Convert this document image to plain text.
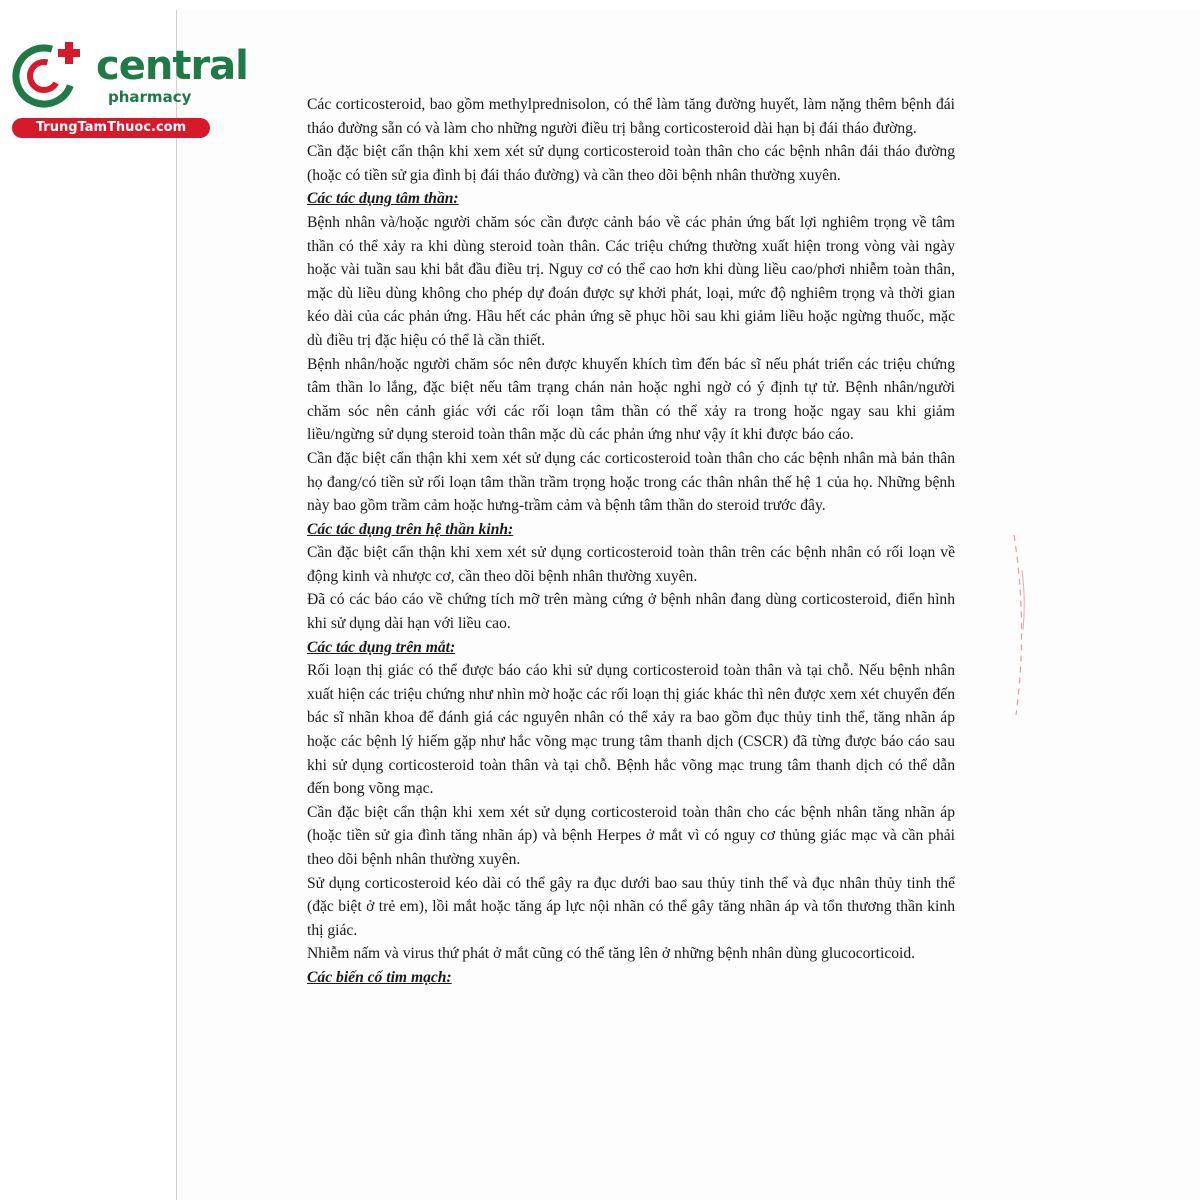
central
pharmacy
TrungTamThuoc.com

Các corticosteroid, bao gồm methylprednisolon, có thể làm tăng đường huyết, làm nặng thêm bệnh đái tháo đường sẵn có và làm cho những người điều trị bằng corticosteroid dài hạn bị đái tháo đường.

Cần đặc biệt cẩn thận khi xem xét sử dụng corticosteroid toàn thân cho các bệnh nhân đái tháo đường (hoặc có tiền sử gia đình bị đái tháo đường) và cần theo dõi bệnh nhân thường xuyên.

Các tác dụng tâm thần:

Bệnh nhân và/hoặc người chăm sóc cần được cảnh báo về các phản ứng bất lợi nghiêm trọng về tâm thần có thể xảy ra khi dùng steroid toàn thân. Các triệu chứng thường xuất hiện trong vòng vài ngày hoặc vài tuần sau khi bắt đầu điều trị. Nguy cơ có thể cao hơn khi dùng liều cao/phơi nhiễm toàn thân, mặc dù liều dùng không cho phép dự đoán được sự khởi phát, loại, mức độ nghiêm trọng và thời gian kéo dài của các phản ứng. Hầu hết các phản ứng sẽ phục hồi sau khi giảm liều hoặc ngừng thuốc, mặc dù điều trị đặc hiệu có thể là cần thiết.

Bệnh nhân/hoặc người chăm sóc nên được khuyến khích tìm đến bác sĩ nếu phát triển các triệu chứng tâm thần lo lắng, đặc biệt nếu tâm trạng chán nản hoặc nghi ngờ có ý định tự tử. Bệnh nhân/người chăm sóc nên cảnh giác với các rối loạn tâm thần có thể xảy ra trong hoặc ngay sau khi giảm liều/ngừng sử dụng steroid toàn thân mặc dù các phản ứng như vậy ít khi được báo cáo.

Cần đặc biệt cẩn thận khi xem xét sử dụng các corticosteroid toàn thân cho các bệnh nhân mà bản thân họ đang/có tiền sử rối loạn tâm thần trầm trọng hoặc trong các thân nhân thế hệ 1 của họ. Những bệnh này bao gồm trầm cảm hoặc hưng-trầm cảm và bệnh tâm thần do steroid trước đây.

Các tác dụng trên hệ thần kinh:

Cần đặc biệt cẩn thận khi xem xét sử dụng corticosteroid toàn thân trên các bệnh nhân có rối loạn về động kinh và nhược cơ, cần theo dõi bệnh nhân thường xuyên.

Đã có các báo cáo về chứng tích mỡ trên màng cứng ở bệnh nhân đang dùng corticosteroid, điển hình khi sử dụng dài hạn với liều cao.

Các tác dụng trên mắt:

Rối loạn thị giác có thể được báo cáo khi sử dụng corticosteroid toàn thân và tại chỗ. Nếu bệnh nhân xuất hiện các triệu chứng như nhìn mờ hoặc các rối loạn thị giác khác thì nên được xem xét chuyển đến bác sĩ nhãn khoa để đánh giá các nguyên nhân có thể xảy ra bao gồm đục thủy tinh thể, tăng nhãn áp hoặc các bệnh lý hiếm gặp như hắc võng mạc trung tâm thanh dịch (CSCR) đã từng được báo cáo sau khi sử dụng corticosteroid toàn thân và tại chỗ. Bệnh hắc võng mạc trung tâm thanh dịch có thể dẫn đến bong võng mạc.

Cần đặc biệt cẩn thận khi xem xét sử dụng corticosteroid toàn thân cho các bệnh nhân tăng nhãn áp (hoặc tiền sử gia đình tăng nhãn áp) và bệnh Herpes ở mắt vì có nguy cơ thủng giác mạc và cần phải theo dõi bệnh nhân thường xuyên.

Sử dụng corticosteroid kéo dài có thể gây ra đục dưới bao sau thủy tinh thể và đục nhân thủy tinh thể (đặc biệt ở trẻ em), lồi mắt hoặc tăng áp lực nội nhãn có thể gây tăng nhãn áp và tổn thương thần kinh thị giác.

Nhiễm nấm và virus thứ phát ở mắt cũng có thể tăng lên ở những bệnh nhân dùng glucocorticoid.

Các biến cố tim mạch:
